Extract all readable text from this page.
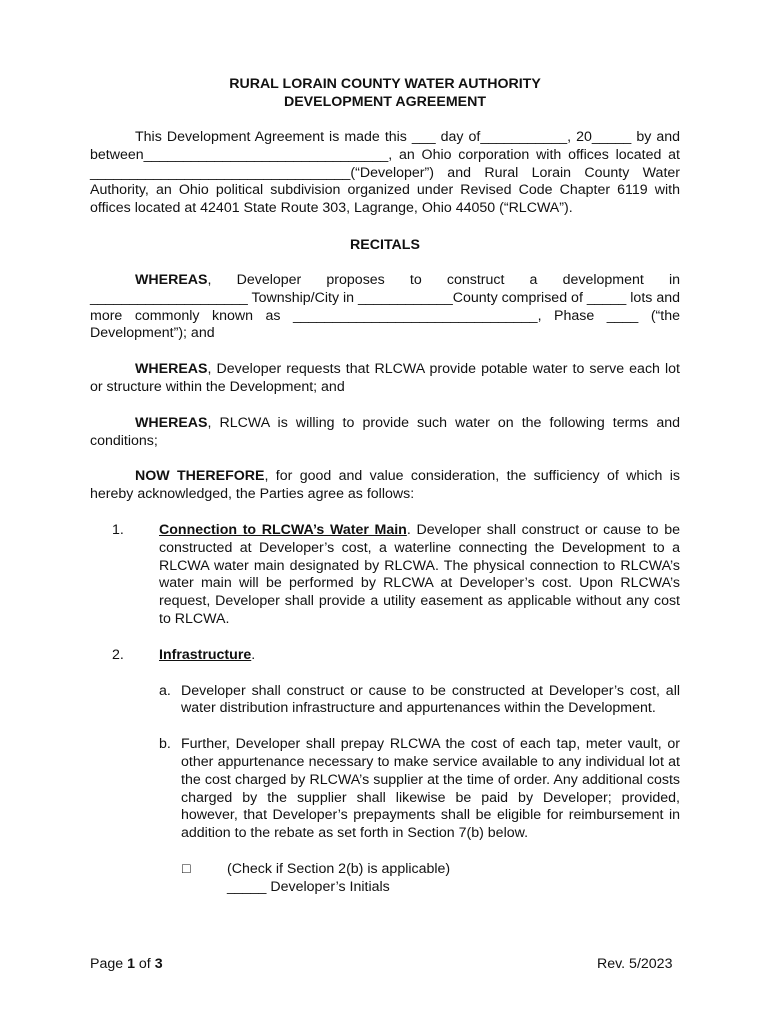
RURAL LORAIN COUNTY WATER AUTHORITY
DEVELOPMENT AGREEMENT

This Development Agreement is made this ___ day of___________, 20_____ by and between_______________________________, an Ohio corporation with offices located at _________________________________(“Developer”) and Rural Lorain County Water Authority, an Ohio political subdivision organized under Revised Code Chapter 6119 with offices located at 42401 State Route 303, Lagrange, Ohio 44050 (“RLCWA”).

RECITALS

WHEREAS, Developer proposes to construct a development in ____________________ Township/City in ____________County comprised of _____ lots and more commonly known as _______________________________, Phase ____ (“the Development”); and

WHEREAS, Developer requests that RLCWA provide potable water to serve each lot or structure within the Development; and

WHEREAS, RLCWA is willing to provide such water on the following terms and conditions;

NOW THEREFORE, for good and value consideration, the sufficiency of which is hereby acknowledged, the Parties agree as follows:

1. Connection to RLCWA’s Water Main. Developer shall construct or cause to be constructed at Developer’s cost, a waterline connecting the Development to a RLCWA water main designated by RLCWA. The physical connection to RLCWA’s water main will be performed by RLCWA at Developer’s cost. Upon RLCWA’s request, Developer shall provide a utility easement as applicable without any cost to RLCWA.

2. Infrastructure.

a. Developer shall construct or cause to be constructed at Developer’s cost, all water distribution infrastructure and appurtenances within the Development.

b. Further, Developer shall prepay RLCWA the cost of each tap, meter vault, or other appurtenance necessary to make service available to any individual lot at the cost charged by RLCWA’s supplier at the time of order. Any additional costs charged by the supplier shall likewise be paid by Developer; provided, however, that Developer’s prepayments shall be eligible for reimbursement in addition to the rebate as set forth in Section 7(b) below.

□	(Check if Section 2(b) is applicable)
_____ Developer’s Initials
Page 1 of 3	Rev. 5/2023
